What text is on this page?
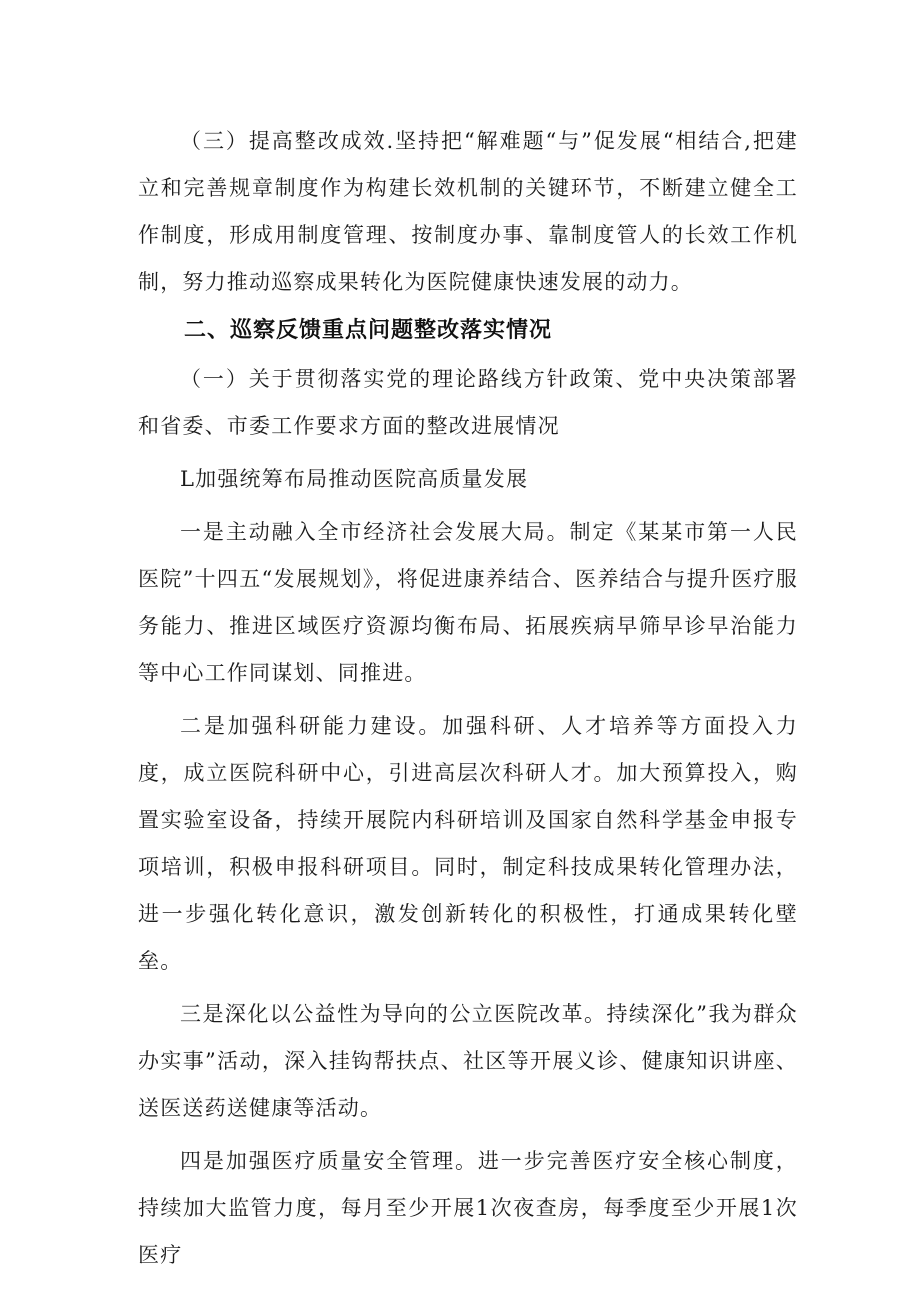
（三）提高整改成效.坚持把“解难题“与”促发展“相结合,把建立和完善规章制度作为构建长效机制的关键环节，不断建立健全工作制度，形成用制度管理、按制度办事、靠制度管人的长效工作机制，努力推动巡察成果转化为医院健康快速发展的动力。

二、巡察反馈重点问题整改落实情况

（一）关于贯彻落实党的理论路线方针政策、党中央决策部署和省委、市委工作要求方面的整改进展情况

L加强统筹布局推动医院高质量发展

一是主动融入全市经济社会发展大局。制定《某某市第一人民医院”十四五“发展规划》，将促进康养结合、医养结合与提升医疗服务能力、推进区域医疗资源均衡布局、拓展疾病早筛早诊早治能力等中心工作同谋划、同推进。

二是加强科研能力建设。加强科研、人才培养等方面投入力度，成立医院科研中心，引进高层次科研人才。加大预算投入，购置实验室设备，持续开展院内科研培训及国家自然科学基金申报专项培训，积极申报科研项目。同时，制定科技成果转化管理办法，进一步强化转化意识，激发创新转化的积极性，打通成果转化壁垒。

三是深化以公益性为导向的公立医院改革。持续深化”我为群众办实事”活动，深入挂钩帮扶点、社区等开展义诊、健康知识讲座、送医送药送健康等活动。

四是加强医疗质量安全管理。进一步完善医疗安全核心制度，持续加大监管力度，每月至少开展1次夜查房，每季度至少开展1次医疗
